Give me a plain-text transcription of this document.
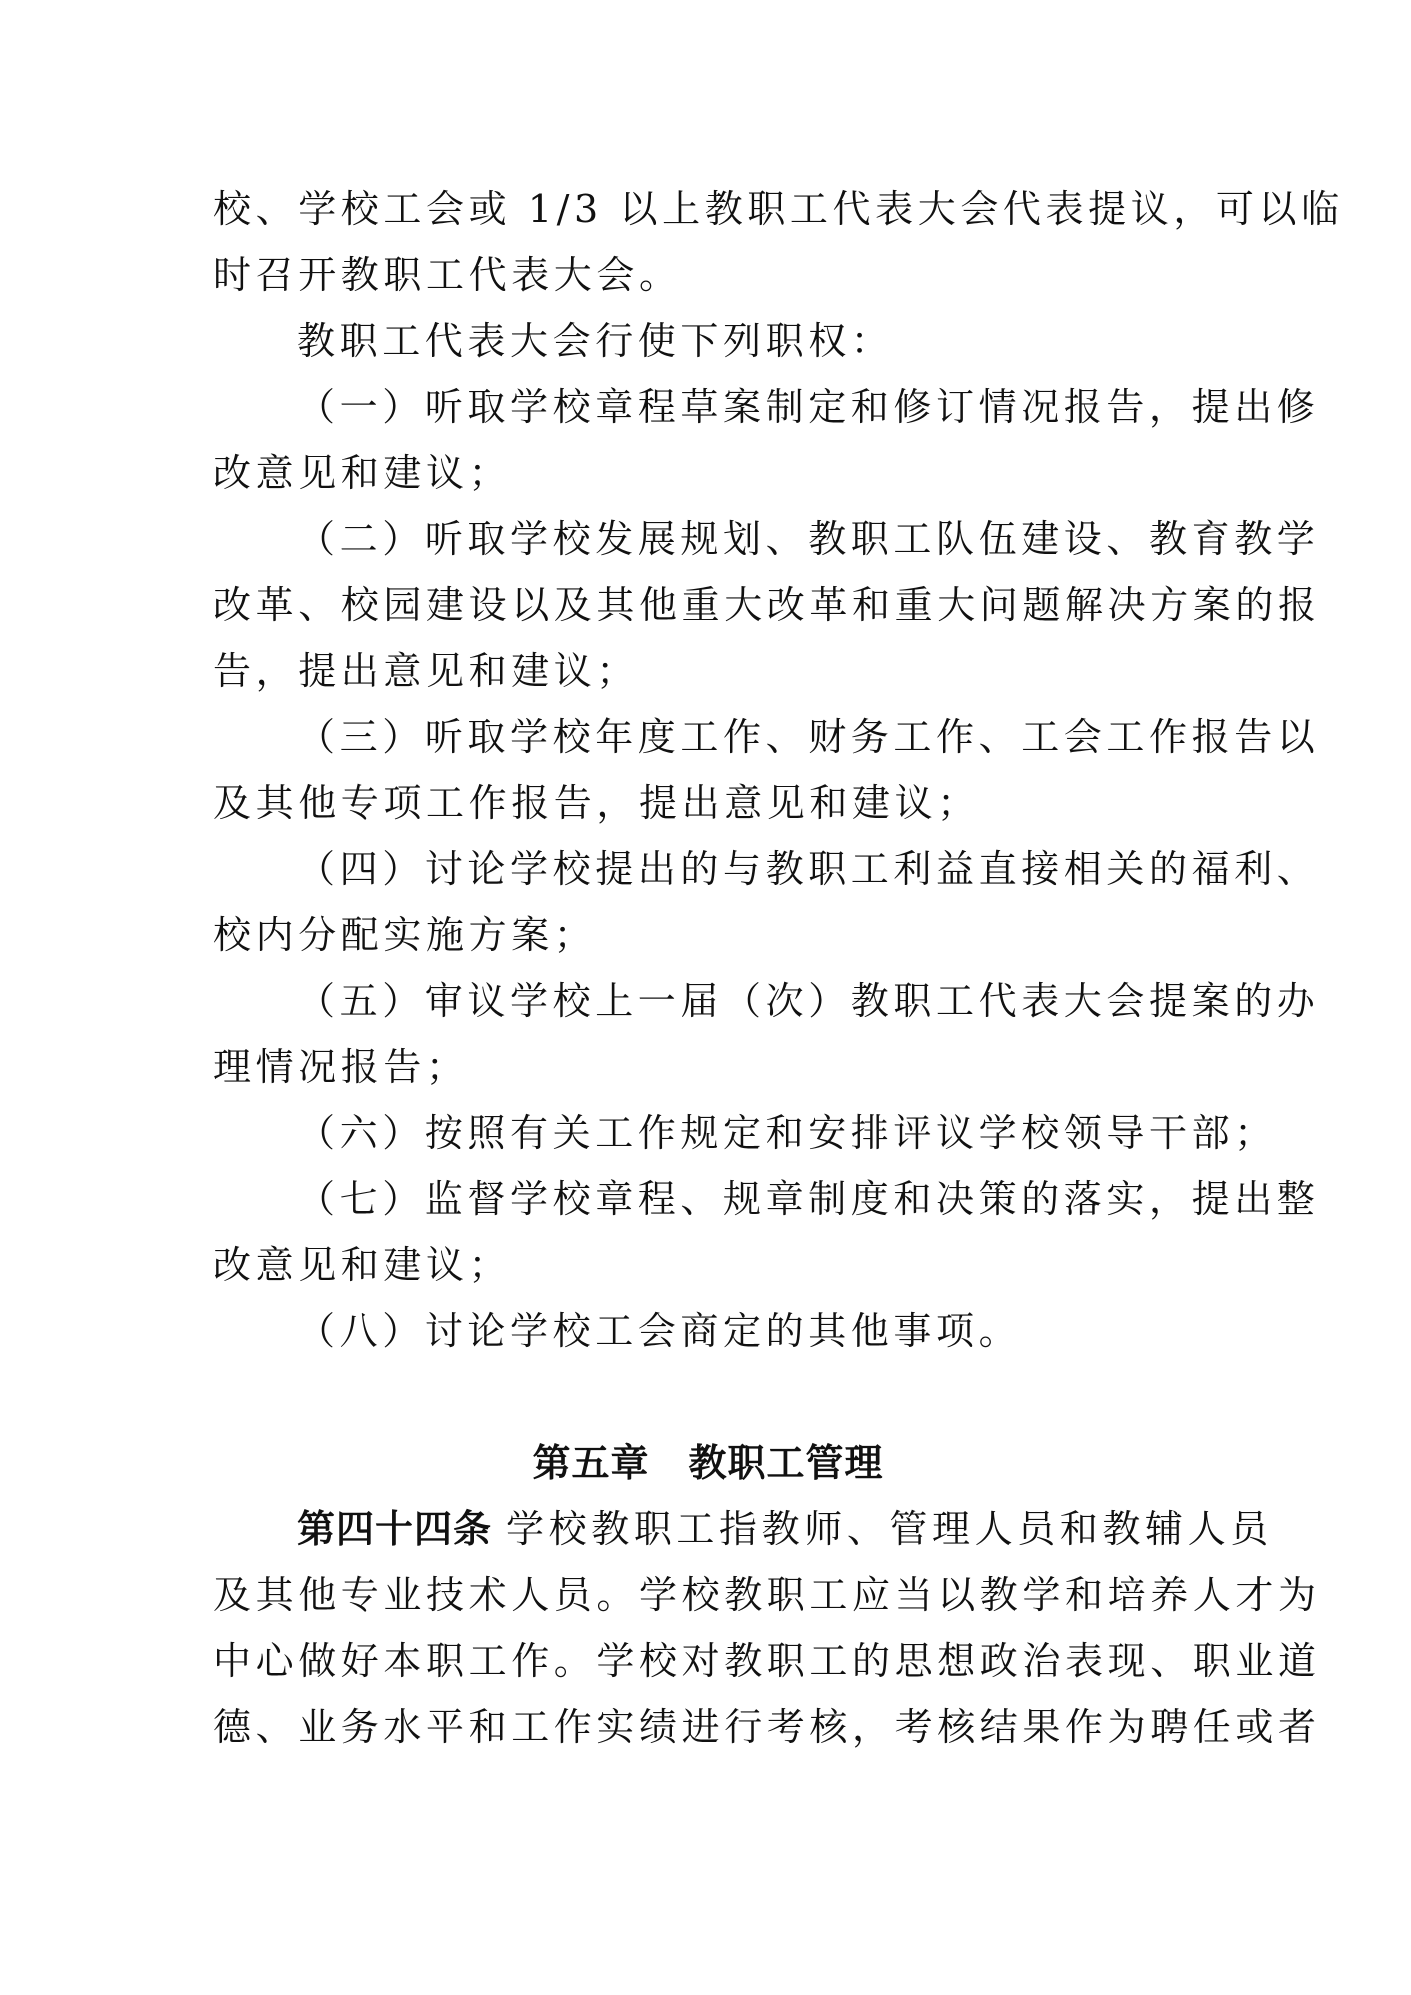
校、学校工会或 1/3 以上教职工代表大会代表提议，可以临
时召开教职工代表大会。
教职工代表大会行使下列职权：
（一）听取学校章程草案制定和修订情况报告，提出修
改意见和建议；
（二）听取学校发展规划、教职工队伍建设、教育教学
改革、校园建设以及其他重大改革和重大问题解决方案的报
告，提出意见和建议；
（三）听取学校年度工作、财务工作、工会工作报告以
及其他专项工作报告，提出意见和建议；
（四）讨论学校提出的与教职工利益直接相关的福利、
校内分配实施方案；
（五）审议学校上一届（次）教职工代表大会提案的办
理情况报告；
（六）按照有关工作规定和安排评议学校领导干部；
（七）监督学校章程、规章制度和决策的落实，提出整
改意见和建议；
（八）讨论学校工会商定的其他事项。
第五章　教职工管理
第四十四条 学校教职工指教师、管理人员和教辅人员
及其他专业技术人员。学校教职工应当以教学和培养人才为
中心做好本职工作。学校对教职工的思想政治表现、职业道
德、业务水平和工作实绩进行考核，考核结果作为聘任或者
